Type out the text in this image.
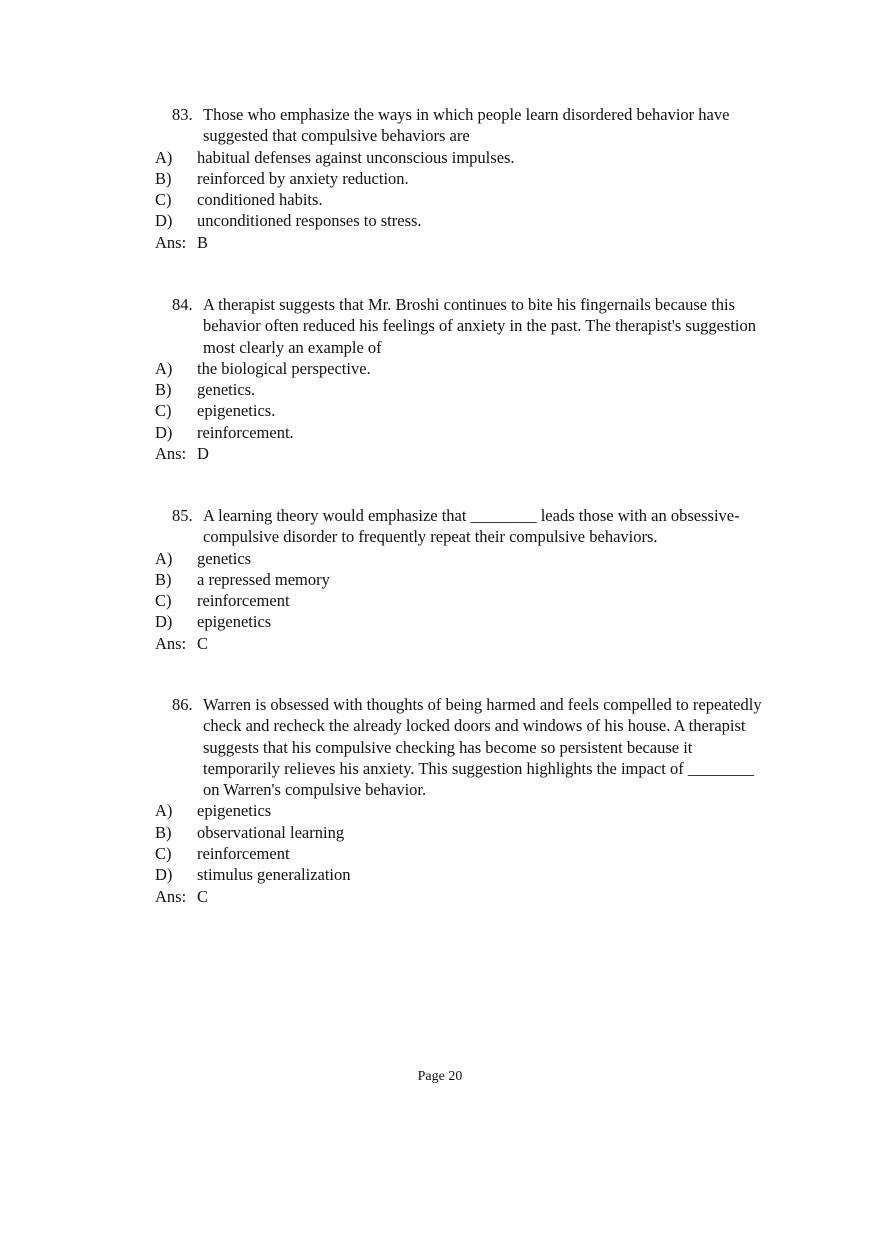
83. Those who emphasize the ways in which people learn disordered behavior have suggested that compulsive behaviors are
A) habitual defenses against unconscious impulses.
B) reinforced by anxiety reduction.
C) conditioned habits.
D) unconditioned responses to stress.
Ans: B
84. A therapist suggests that Mr. Broshi continues to bite his fingernails because this behavior often reduced his feelings of anxiety in the past. The therapist's suggestion most clearly an example of
A) the biological perspective.
B) genetics.
C) epigenetics.
D) reinforcement.
Ans: D
85. A learning theory would emphasize that ________ leads those with an obsessive-compulsive disorder to frequently repeat their compulsive behaviors.
A) genetics
B) a repressed memory
C) reinforcement
D) epigenetics
Ans: C
86. Warren is obsessed with thoughts of being harmed and feels compelled to repeatedly check and recheck the already locked doors and windows of his house. A therapist suggests that his compulsive checking has become so persistent because it temporarily relieves his anxiety. This suggestion highlights the impact of ________ on Warren's compulsive behavior.
A) epigenetics
B) observational learning
C) reinforcement
D) stimulus generalization
Ans: C
Page 20
